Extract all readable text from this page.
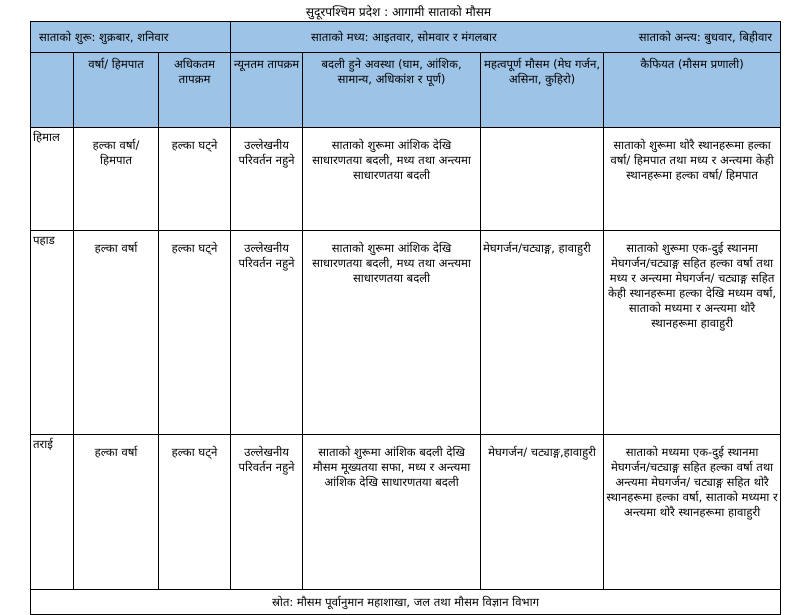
सुदूरपश्चिम प्रदेश : आगामी साताको मौसम
साताको शुरू: शुक्रबार, शनिवार			साताको अन्त्य: बुधवार, बिहीवार
साताको मध्य: आइतवार, सोमवार र मंगलबार			
	वर्षा/ हिमपात	अधिकतम तापक्रम	न्यूनतम तापक्रम	बदली हुने अवस्था (घाम, आंशिक, सामान्य, अधिकांश र पूर्ण)	महत्वपूर्ण मौसम (मेघ गर्जन, असिना, कुहिरो)	कैफियत (मौसम प्रणाली)
हिमाल	हल्का वर्षा/ हिमपात	हल्का घट्ने	उल्लेखनीय परिवर्तन नहुने	साताको शुरूमा आंशिक देखि साधारणतया बदली, मध्य तथा अन्त्यमा साधारणतया बदली		साताको शुरूमा थोरै स्थानहरूमा हल्का वर्षा/ हिमपात तथा मध्य र अन्त्यमा केही स्थानहरूमा हल्का वर्षा/ हिमपात
पहाड	हल्का वर्षा	हल्का घट्ने	उल्लेखनीय परिवर्तन नहुने	साताको शुरूमा आंशिक देखि साधारणतया बदली, मध्य तथा अन्त्यमा साधारणतया बदली	मेघगर्जन/चट्याङ्ग, हावाहुरी	साताको शुरूमा एक-दुई स्थानमा मेघगर्जन/चट्याङ्ग सहित हल्का वर्षा तथा मध्य र अन्त्यमा मेघगर्जन/ चट्याङ्ग सहित केही स्थानहरूमा हल्का देखि मध्यम वर्षा, साताको मध्यमा र अन्त्यमा थोरै स्थानहरूमा हावाहुरी
तराई	हल्का वर्षा	हल्का घट्ने	उल्लेखनीय परिवर्तन नहुने	साताको शुरूमा आंशिक बदली देखि मौसम मूख्यतया सफा, मध्य र अन्त्यमा आंशिक देखि साधारणतया बदली	मेघगर्जन/ चट्याङ्ग,हावाहुरी	साताको मध्यमा एक-दुई स्थानमा मेघगर्जन/चट्याङ्ग सहित हल्का वर्षा तथा अन्त्यमा मेघगर्जन/ चट्याङ्ग सहित थोरै स्थानहरूमा हल्का वर्षा, साताको मध्यमा र अन्त्यमा थोरै स्थानहरूमा हावाहुरी
स्रोत: मौसम पूर्वानुमान महाशाखा, जल तथा मौसम विज्ञान विभाग						
